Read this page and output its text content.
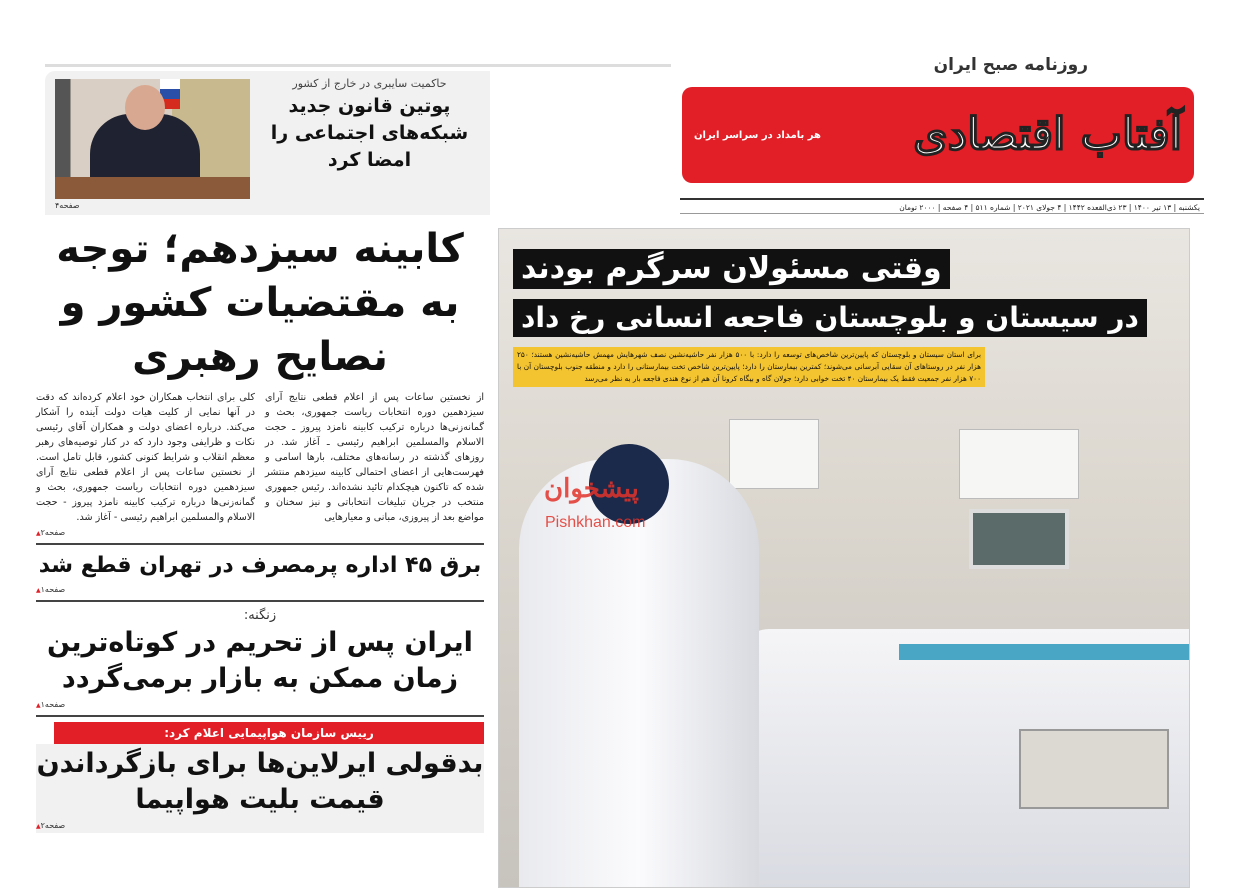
روزنامه صبح ایران
آفتاب اقتصادی
هر بامداد در سراسر ایران
یکشنبه | ۱۳ تیر ۱۴۰۰ | ۲۳ ذی‌القعده ۱۴۴۲ | ۴ جولای ۲۰۲۱ | شماره ۵۱۱ | ۴ صفحه | ۲۰۰۰ تومان
صفحه۴
حاکمیت سایبری در خارج از کشور
پوتین قانون جدید شبکه‌های اجتماعی را امضا کرد
پیشخوان
Pishkhan.com
وقتی مسئولان سرگرم بودند
در سیستان و بلوچستان فاجعه انسانی رخ داد
برای استان سیستان و بلوچستان که پایین‌ترین شاخص‌های توسعه را دارد: با ۵۰۰ هزار نفر حاشیه‌نشین نصف شهرهایش مهمش حاشیه‌نشین هستند؛ ۲۵۰ هزار نفر در روستاهای آن سقایی آبرسانی می‌شوند؛ کمترین بیمارستان را دارد؛ پایین‌ترین شاخص تخت بیمارستانی را دارد و منطقه جنوب بلوچستان آن با ۷۰۰ هزار نفر جمعیت فقط یک بیمارستان ۴۰ تخت خوابی دارد؛ جولان گاه و بیگاه کرونا آن هم از نوع هندی فاجعه بار به نظر می‌رسد
کابینه سیزدهم؛ توجه به مقتضیات کشور و نصایح رهبری
از نخستین ساعات پس از اعلام قطعی نتایج آرای سیزدهمین دوره انتخابات ریاست جمهوری، بحث و گمانه‌زنی‌ها درباره ترکیب کابینه نامزد پیروز ـ حجت الاسلام والمسلمین ابراهیم رئیسی ـ آغاز شد. در روزهای گذشته در رسانه‌های مختلف، بارها اسامی و فهرست‌هایی از اعضای احتمالی کابینه سیزدهم منتشر شده که تاکنون هیچکدام تائید نشده‌اند. رئیس جمهوری منتخب در جریان تبلیغات انتخاباتی و نیز سخنان و مواضع بعد از پیروزی، مبانی و معیارهایی
کلی برای انتخاب همکاران خود اعلام کرده‌اند که دقت در آنها نمایی از کلیت هیات دولت آینده را آشکار می‌کند. درباره اعضای دولت و همکاران آقای رئیسی نکات و ظرایفی وجود دارد که در کنار توصیه‌های رهبر معظم انقلاب و شرایط کنونی کشور، قابل تامل است. از نخستین ساعات پس از اعلام قطعی نتایج آرای سیزدهمین دوره انتخابات ریاست جمهوری، بحث و گمانه‌زنی‌ها درباره ترکیب کابینه نامزد پیروز - حجت الاسلام والمسلمین ابراهیم رئیسی - آغاز شد.
صفحه۲ ▲
برق ۴۵ اداره پرمصرف در تهران قطع شد
صفحه۱ ▲
زنگنه:
ایران پس از تحریم در کوتاه‌ترین زمان ممکن به بازار برمی‌گردد
صفحه۱ ▲
رییس سازمان هواپیمایی اعلام کرد:
بدقولی ایرلاین‌ها برای بازگرداندن قیمت بلیت هواپیما
صفحه۲ ▲
